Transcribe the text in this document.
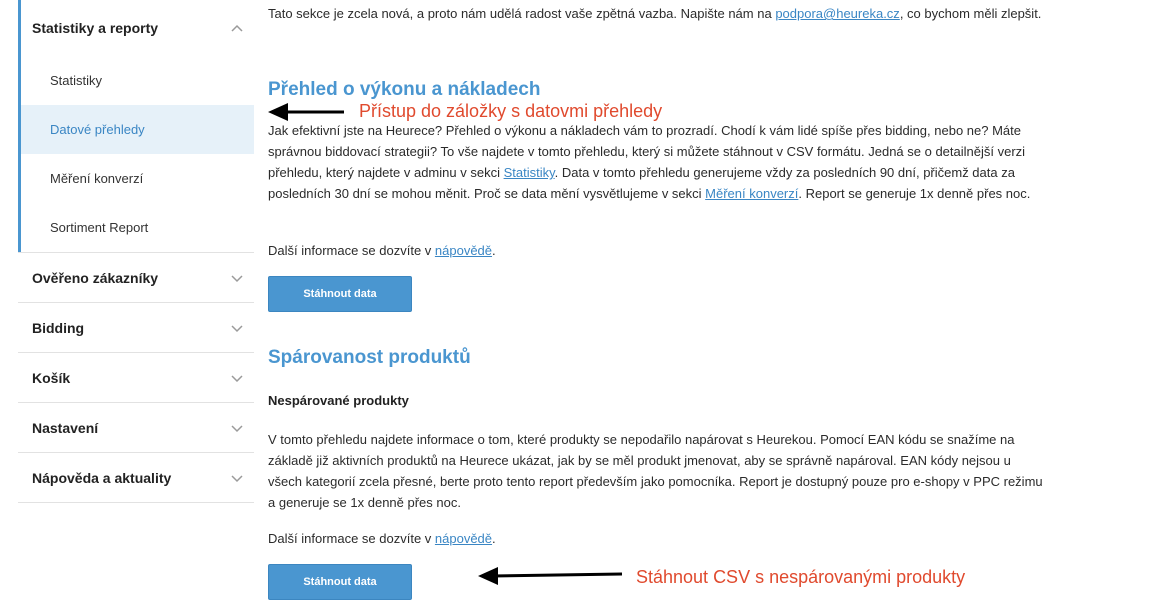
Statistiky a reporty
Statistiky
Datové přehledy
Měření konverzí
Sortiment Report
Ověřeno zákazníky
Bidding
Košík
Nastavení
Nápověda a aktuality

Tato sekce je zcela nová, a proto nám udělá radost vaše zpětná vazba. Napište nám na podpora@heureka.cz, co bychom měli zlepšit.

Přehled o výkonu a nákladech

Jak efektivní jste na Heurece? Přehled o výkonu a nákladech vám to prozradí. Chodí k vám lidé spíše přes bidding, nebo ne? Máte správnou biddovací strategii? To vše najdete v tomto přehledu, který si můžete stáhnout v CSV formátu. Jedná se o detailnější verzi přehledu, který najdete v adminu v sekci Statistiky. Data v tomto přehledu generujeme vždy za posledních 90 dní, přičemž data za posledních 30 dní se mohou měnit. Proč se data mění vysvětlujeme v sekci Měření konverzí. Report se generuje 1x denně přes noc.

Další informace se dozvíte v nápovědě.

Stáhnout data
Spárovanost produktů

Nespárované produkty

V tomto přehledu najdete informace o tom, které produkty se nepodařilo napárovat s Heurekou. Pomocí EAN kódu se snažíme na základě již aktivních produktů na Heurece ukázat, jak by se měl produkt jmenovat, aby se správně napároval. EAN kódy nejsou u všech kategorií zcela přesné, berte proto tento report především jako pomocníka. Report je dostupný pouze pro e-shopy v PPC režimu a generuje se 1x denně přes noc.

Další informace se dozvíte v nápovědě.

Stáhnout data
Přístup do záložky s datovmi přehledy
Stáhnout CSV s nespárovanými produkty
